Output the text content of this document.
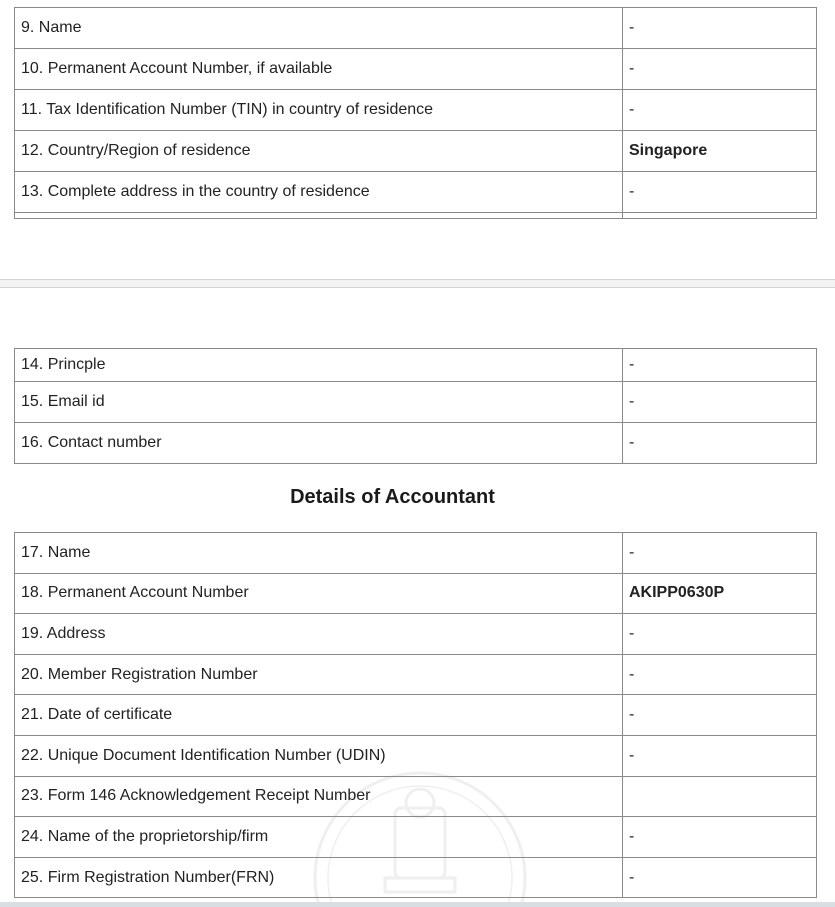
9. Name	-
10. Permanent Account Number, if available	-
11. Tax Identification Number (TIN) in country of residence	-
12. Country/Region of residence	Singapore
13. Complete address in the country of residence	-

14. Princple	-
15. Email id	-
16. Contact number	-
Details of Accountant
17. Name	-
18. Permanent Account Number	AKIPP0630P
19. Address	-
20. Member Registration Number	-
21. Date of certificate	-
22. Unique Document Identification Number (UDIN)	-
23. Form 146 Acknowledgement Receipt Number	
24. Name of the proprietorship/firm	-
25. Firm Registration Number(FRN)	-
